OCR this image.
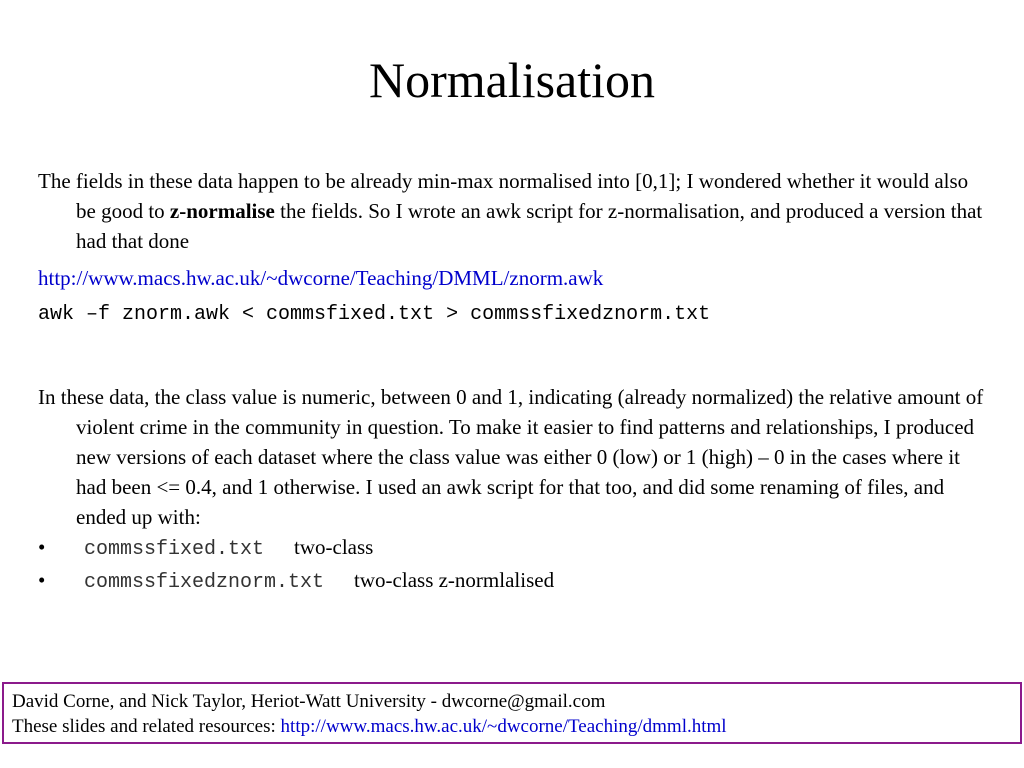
Normalisation

The fields in these data happen to be already min-max normalised into [0,1]; I wondered whether it would also be good to z-normalise the fields. So I wrote an awk script for z-normalisation, and produced a version that had that done

http://www.macs.hw.ac.uk/~dwcorne/Teaching/DMML/znorm.awk

awk –f znorm.awk < commsfixed.txt > commssfixedznorm.txt

In these data, the class value is numeric, between 0 and 1, indicating (already normalized) the relative amount of violent crime in the community in question. To make it easier to find patterns and relationships, I produced new versions of each dataset where the class value was either 0 (low) or 1 (high) – 0 in the cases where it had been <= 0.4, and 1 otherwise. I used an awk script for that too, and did some renaming of files, and ended up with:

•	commssfixed.txt two-class
•	commssfixedznorm.txt two-class z-normlalised
David Corne, and Nick Taylor, Heriot-Watt University - dwcorne@gmail.com
These slides and related resources: http://www.macs.hw.ac.uk/~dwcorne/Teaching/dmml.html
